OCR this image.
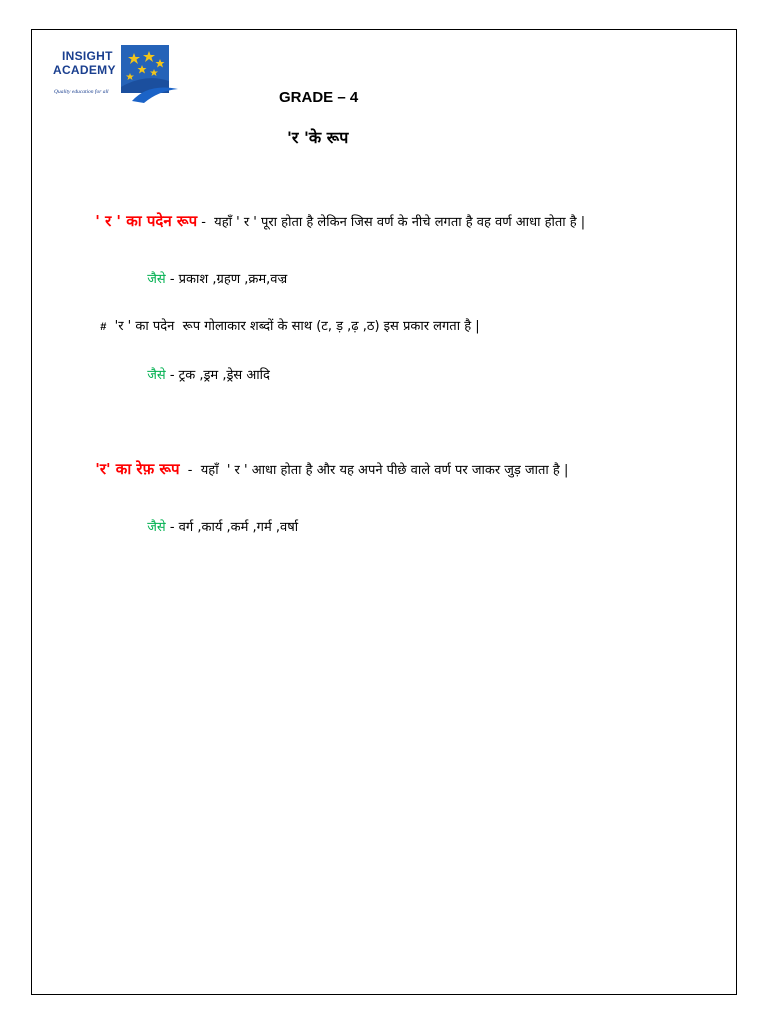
INSIGHT
ACADEMY
Quality education for all	GRADE – 4
'र 'के रूप

' र ' का पदेन रूप -  यहाँ ' र ' पूरा होता है लेकिन जिस वर्ण के नीचे लगता है वह वर्ण आधा होता है |

जैसे - प्रकाश ,ग्रहण ,क्रम,वज्र

#  'र ' का पदेन  रूप गोलाकार शब्दों के साथ (ट, ड़ ,ढ़ ,ठ) इस प्रकार लगता है |

जैसे - ट्रक ,ड्रम ,ड्रेस आदि

'र' का रेफ़ रूप  -  यहाँ  ' र ' आधा होता है और यह अपने पीछे वाले वर्ण पर जाकर जुड़ जाता है |

जैसे - वर्ग ,कार्य ,कर्म ,गर्म ,वर्षा
